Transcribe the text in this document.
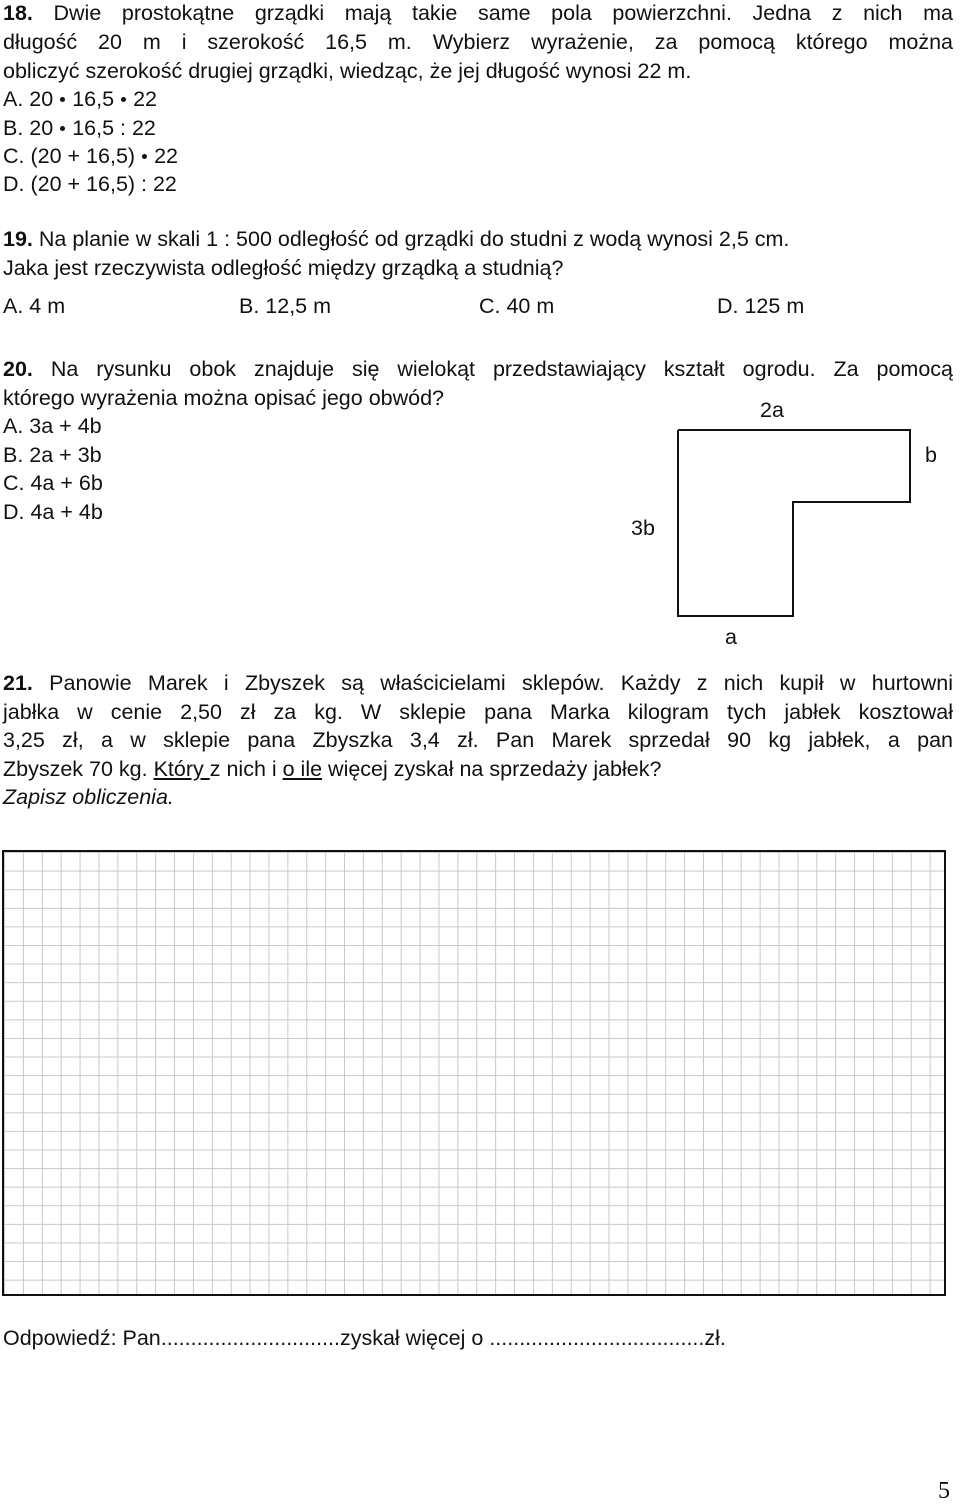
18. Dwie prostokątne grządki mają takie same pola powierzchni. Jedna z nich ma
długość 20 m i szerokość 16,5 m. Wybierz wyrażenie, za pomocą którego można
obliczyć szerokość drugiej grządki, wiedząc, że jej długość wynosi 22 m.
A. 20 16,5 22
B. 20 16,5 : 22
C. (20 + 16,5) 22
D. (20 + 16,5) : 22
19. Na planie w skali 1 : 500 odległość od grządki do studni z wodą wynosi 2,5 cm.
Jaka jest rzeczywista odległość między grządką a studnią?
A. 4 m	B. 12,5 m	C. 40 m	D. 125 m
20. Na rysunku obok znajduje się wielokąt przedstawiający kształt ogrodu. Za pomocą
którego wyrażenia można opisać jego obwód?
A. 3a + 4b
B. 2a + 3b
C. 4a + 6b
D. 4a + 4b
2a
b
3b
a
21. Panowie Marek i Zbyszek są właścicielami sklepów. Każdy z nich kupił w hurtowni
jabłka w cenie 2,50 zł za kg. W sklepie pana Marka kilogram tych jabłek kosztował
3,25 zł, a w sklepie pana Zbyszka 3,4 zł. Pan Marek sprzedał 90 kg jabłek, a pan
Zbyszek 70 kg. Który z nich i o ile więcej zyskał na sprzedaży jabłek?
Zapisz obliczenia.
Odpowiedź: Pan..............................zyskał więcej o ....................................zł.
5
